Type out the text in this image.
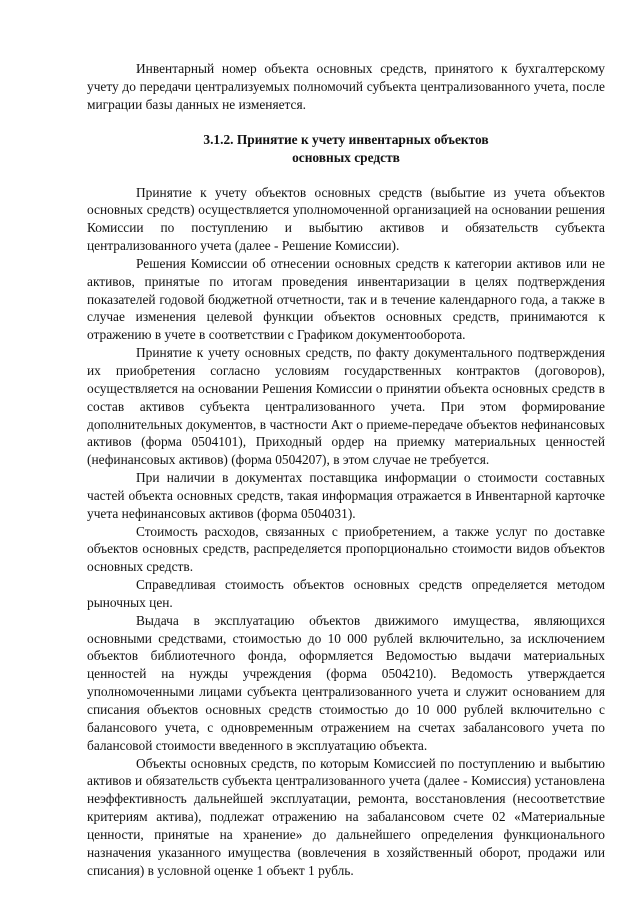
Инвентарный номер объекта основных средств, принятого к бухгалтерскому учету до передачи централизуемых полномочий субъекта централизованного учета, после миграции базы данных не изменяется.

3.1.2. Принятие к учету инвентарных объектов

основных средств

Принятие к учету объектов основных средств (выбытие из учета объектов основных средств) осуществляется уполномоченной организацией на основании решения Комиссии по поступлению и выбытию активов и обязательств субъекта централизованного учета (далее - Решение Комиссии).

Решения Комиссии об отнесении основных средств к категории активов или не активов, принятые по итогам проведения инвентаризации в целях подтверждения показателей годовой бюджетной отчетности, так и в течение календарного года, а также в случае изменения целевой функции объектов основных средств, принимаются к отражению в учете в соответствии с Графиком документооборота.

Принятие к учету основных средств, по факту документального подтверждения их приобретения согласно условиям государственных контрактов (договоров), осуществляется на основании Решения Комиссии о принятии объекта основных средств в состав активов субъекта централизованного учета. При этом формирование дополнительных документов, в частности Акт о приеме-передаче объектов нефинансовых активов (форма 0504101), Приходный ордер на приемку материальных ценностей (нефинансовых активов) (форма 0504207), в этом случае не требуется.

При наличии в документах поставщика информации о стоимости составных частей объекта основных средств, такая информация отражается в Инвентарной карточке учета нефинансовых активов (форма 0504031).

Стоимость расходов, связанных с приобретением, а также услуг по доставке объектов основных средств, распределяется пропорционально стоимости видов объектов основных средств.

Справедливая стоимость объектов основных средств определяется методом рыночных цен.

Выдача в эксплуатацию объектов движимого имущества, являющихся основными средствами, стоимостью до 10 000 рублей включительно, за исключением объектов библиотечного фонда, оформляется Ведомостью выдачи материальных ценностей на нужды учреждения (форма 0504210). Ведомость утверждается уполномоченными лицами субъекта централизованного учета и служит основанием для списания объектов основных средств стоимостью до 10 000 рублей включительно с балансового учета, с одновременным отражением на счетах забалансового учета по балансовой стоимости введенного в эксплуатацию объекта.

Объекты основных средств, по которым Комиссией по поступлению и выбытию активов и обязательств субъекта централизованного учета (далее - Комиссия) установлена неэффективность дальнейшей эксплуатации, ремонта, восстановления (несоответствие критериям актива), подлежат отражению на забалансовом счете 02 «Материальные ценности, принятые на хранение» до дальнейшего определения функционального назначения указанного имущества (вовлечения в хозяйственный оборот, продажи или списания) в условной оценке 1 объект 1 рубль.
